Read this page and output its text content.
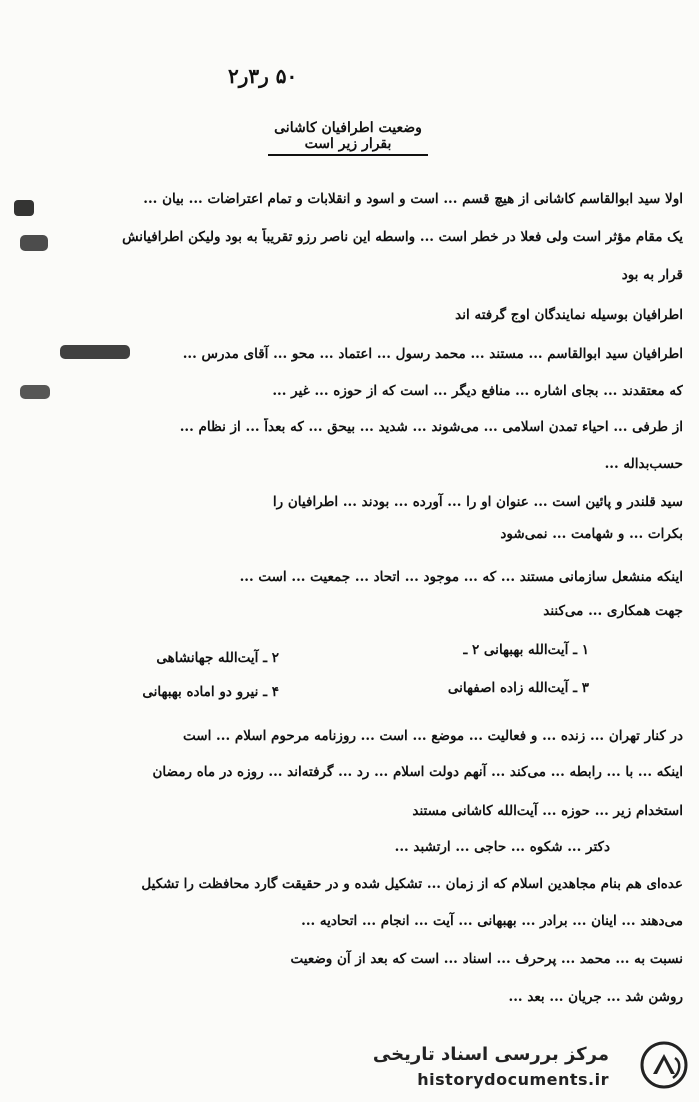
۵۰ ر۳ر۲
وضعیت اطرافیان کاشانی بقرار زیر است
اولا سید ابوالقاسم کاشانی از هیچ قسم ... است و اسود و انقلابات و تمام اعتراضات ... بیان ...
یک مقام مؤثر است ولی فعلا در خطر است ... واسطه این ناصر رزو تقریباً به بود ولیکن اطرافیانش
قرار به بود
اطرافیان بوسیله نمایندگان اوج گرفته اند
اطرافیان سید ابوالقاسم ... مستند ... محمد رسول ... اعتماد ... محو ... آقای مدرس ...
که معتقدند ... بجای اشاره ... منافع دیگر ... است که از حوزه ... غیر ...
از طرفی ... احیاء تمدن اسلامی ... می‌شوند ... شدید ... بیحق ... که بعداً ... از نظام ...
حسب‌بداله ...
سید قلندر و پائین است ... عنوان او را ... آورده ... بودند ... اطرافیان را
بکرات ... و شهامت ... نمی‌شود
اینکه منشعل سازمانی مستند ... که ... موجود ... اتحاد ... جمعیت ... است ...
جهت همکاری ... می‌کنند
۱ ـ آیت‌الله بهبهانی ۲ ـ
۲ ـ آیت‌الله جهانشاهی
۳ ـ آیت‌الله زاده اصفهانی
۴ ـ نیرو دو اماده بهبهانی
در کنار تهران ... زنده ... و فعالیت ... موضع ... است ... روزنامه مرحوم اسلام ... است
اینکه ... با ... رابطه ... می‌کند ... آنهم دولت اسلام ... رد ... گرفته‌اند ... روزه در ماه رمضان
استخدام زیر ... حوزه ... آیت‌الله کاشانی مستند
دکتر ... شکوه ... حاجی ... ارتشبد ...
عده‌ای هم بنام مجاهدین اسلام که از زمان ... تشکیل شده و در حقیقت گارد محافظت را تشکیل
می‌دهند ... اینان ... برادر ... بهبهانی ... آیت ... انجام ... اتحادیه ...
نسبت به ... محمد ... پرحرف ... اسناد ... است که بعد از آن وضعیت
روشن شد ... جریان ... بعد ...
مرکز بررسی اسناد تاریخی
historydocuments.ir
